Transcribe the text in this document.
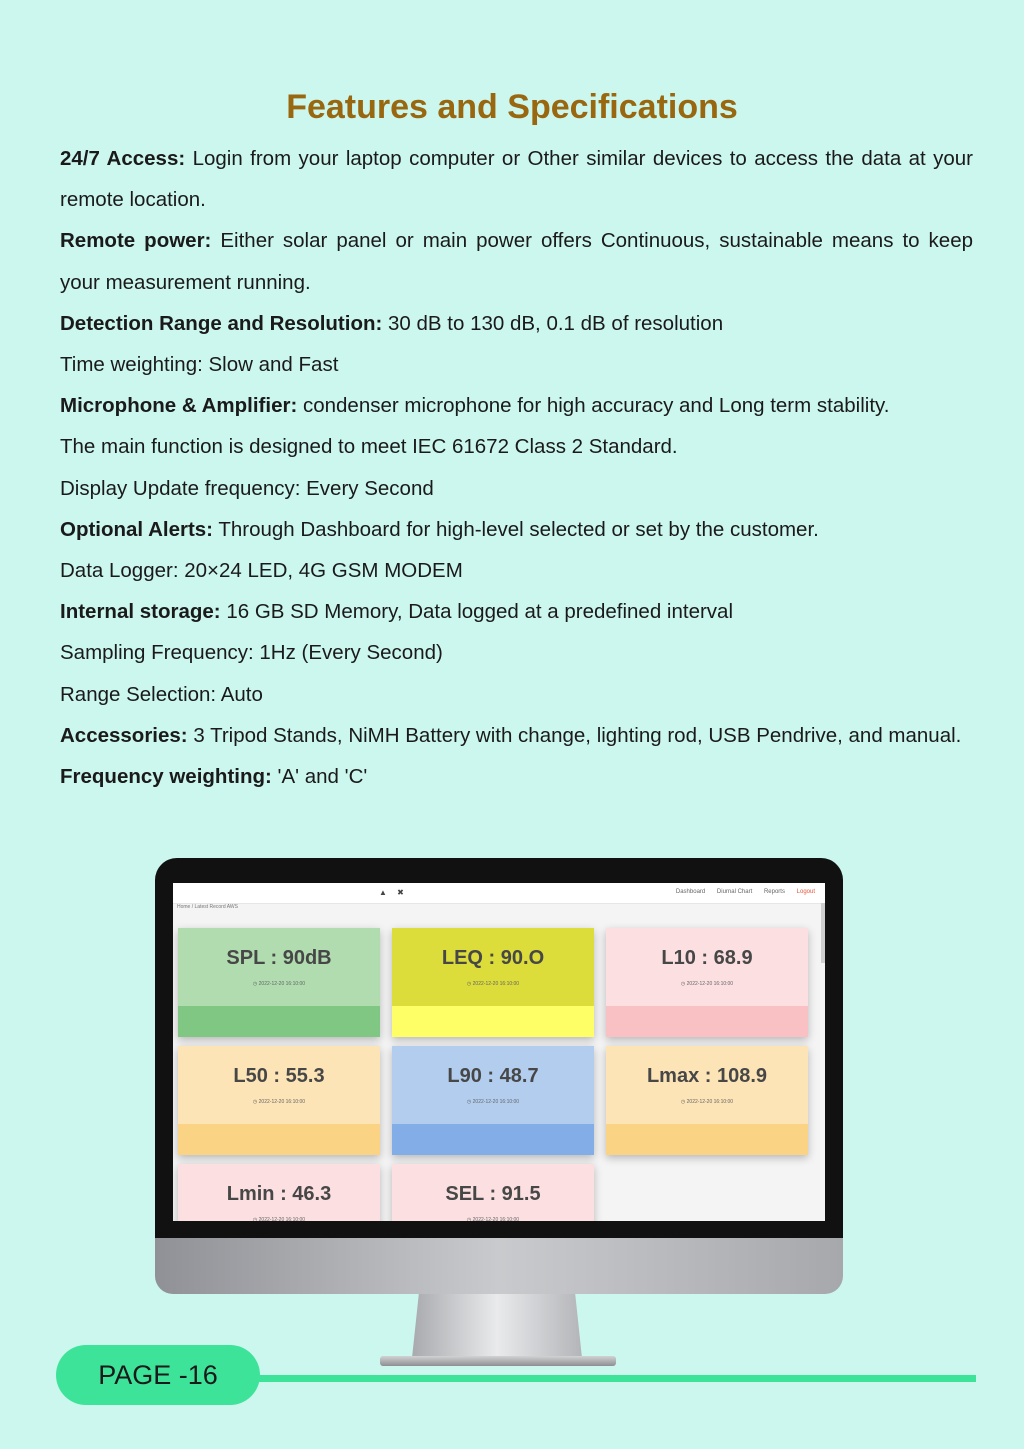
Features and Specifications

24/7 Access: Login from your laptop computer or Other similar devices to access the data at your remote location.

Remote power: Either solar panel or main power offers Continuous, sustainable means to keep your measurement running.

Detection Range and Resolution: 30 dB to 130 dB, 0.1 dB of resolution

Time weighting: Slow and Fast

Microphone & Amplifier: condenser microphone for high accuracy and Long term stability.

The main function is designed to meet IEC 61672 Class 2 Standard.

Display Update frequency: Every Second

Optional Alerts: Through Dashboard for high-level selected or set by the customer.

Data Logger: 20×24 LED, 4G GSM MODEM

Internal storage: 16 GB SD Memory, Data logged at a predefined interval

Sampling Frequency: 1Hz (Every Second)

Range Selection: Auto

Accessories: 3 Tripod Stands, NiMH Battery with change, lighting rod, USB Pendrive, and manual.

Frequency weighting: 'A' and 'C'

▲ ✖	Dashboard Diurnal Chart Reports Logout
Home / Latest Record AWS
SPL : 90dB
◷ 2022-12-20 16:10:00
LEQ : 90.O
◷ 2022-12-20 16:10:00
L10 : 68.9
◷ 2022-12-20 16:10:00
L50 : 55.3
◷ 2022-12-20 16:10:00
L90 : 48.7
◷ 2022-12-20 16:10:00
Lmax : 108.9
◷ 2022-12-20 16:10:00
Lmin : 46.3
◷ 2022-12-20 16:10:00
SEL : 91.5
◷ 2022-12-20 16:10:00
PAGE -16
